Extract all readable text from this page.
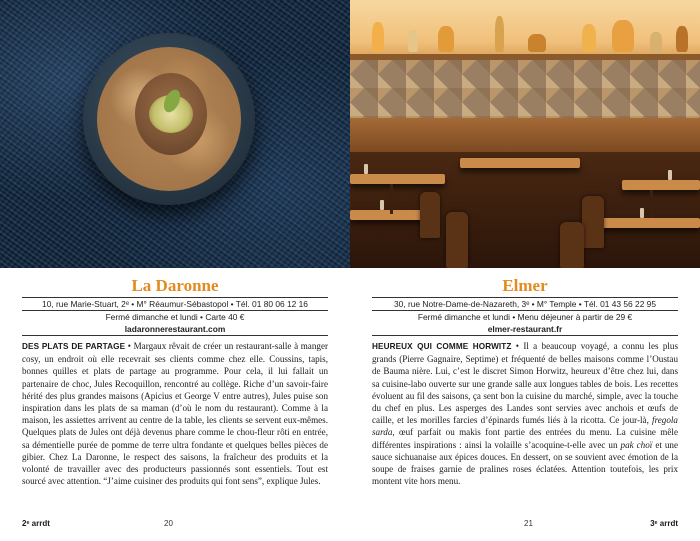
La Daronne
10, rue Marie-Stuart, 2ᵉ • M° Réaumur-Sébastopol • Tél. 01 80 06 12 16
Fermé dimanche et lundi • Carte 40 €
ladaronnerestaurant.com

DES PLATS DE PARTAGE • Margaux rêvait de créer un restaurant-salle à manger cosy, un endroit où elle recevrait ses clients comme chez elle. Coussins, tapis, bonnes quilles et plats de partage au programme. Pour cela, il lui fallait un partenaire de choc, Jules Recoquillon, rencontré au collège. Riche d’un savoir-faire hérité des plus grandes maisons (Apicius et George V entre autres), Jules puise son inspiration dans les plats de sa maman (d’où le nom du restaurant). Comme à la maison, les assiettes arrivent au centre de la table, les clients se servent eux-mêmes. Quelques plats de Jules ont déjà devenus phare comme le chou-fleur rôti en entrée, sa démentielle purée de pomme de terre ultra fondante et quelques belles pièces de gibier. Chez La Daronne, le respect des saisons, la fraîcheur des produits et la volonté de travailler avec des producteurs passionnés sont essentiels. Tout est sourcé avec attention. “J’aime cuisiner des produits qui font sens”, explique Jules.

2ᵉ arrdt	20
Elmer
30, rue Notre-Dame-de-Nazareth, 3ᵉ • M° Temple • Tél. 01 43 56 22 95
Fermé dimanche et lundi • Menu déjeuner à partir de 29 €
elmer-restaurant.fr

HEUREUX QUI COMME HORWITZ • Il a beaucoup voyagé, a connu les plus grands (Pierre Gagnaire, Septime) et fréquenté de belles maisons comme l’Oustau de Bauma nière. Lui, c’est le discret Simon Horwitz, heureux d’être chez lui, dans sa cuisine-labo ouverte sur une grande salle aux longues tables de bois. Les recettes évoluent au fil des saisons, ça sent bon la cuisine du marché, simple, avec la touche du chef en plus. Les asperges des Landes sont servies avec anchois et œufs de caille, et les morilles farcies d’épinards fumés liés à la ricotta. Ce jour-là, fregola sarda, œuf parfait ou makis font partie des entrées du menu. La cuisine mêle différentes inspirations : ainsi la volaille s’acoquine-t-elle avec un pak choï et une sauce sichuanaise aux épices douces. En dessert, on se souvient avec émotion de la soupe de fraises garnie de pralines roses éclatées. Attention toutefois, les prix montent vite hors menu.

21	3ᵉ arrdt
